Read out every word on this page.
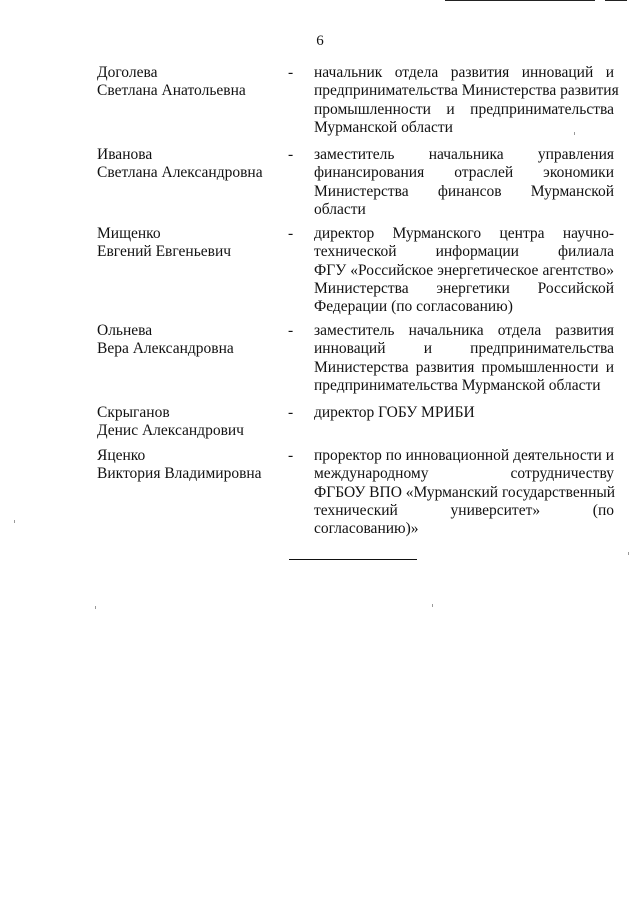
6
Доголева
Светлана Анатольевна
-	начальник отдела развития инноваций и
предпринимательства Министерства развития
промышленности и предпринимательства
Мурманской области
Иванова
Светлана Александровна
-	заместитель начальника управления
финансирования отраслей экономики
Министерства финансов Мурманской
области
Мищенко
Евгений Евгеньевич
-	директор Мурманского центра научно-
технической информации филиала
ФГУ «Российское энергетическое агентство»
Министерства энергетики Российской
Федерации (по согласованию)
Ольнева
Вера Александровна
-	заместитель начальника отдела развития
инноваций и предпринимательства
Министерства развития промышленности и
предпринимательства Мурманской области
Скрыганов
Денис Александрович
-	директор ГОБУ МРИБИ
Яценко
Виктория Владимировна
-	проректор по инновационной деятельности и
международному сотрудничеству
ФГБОУ ВПО «Мурманский государственный
технический университет» (по
согласованию)»
